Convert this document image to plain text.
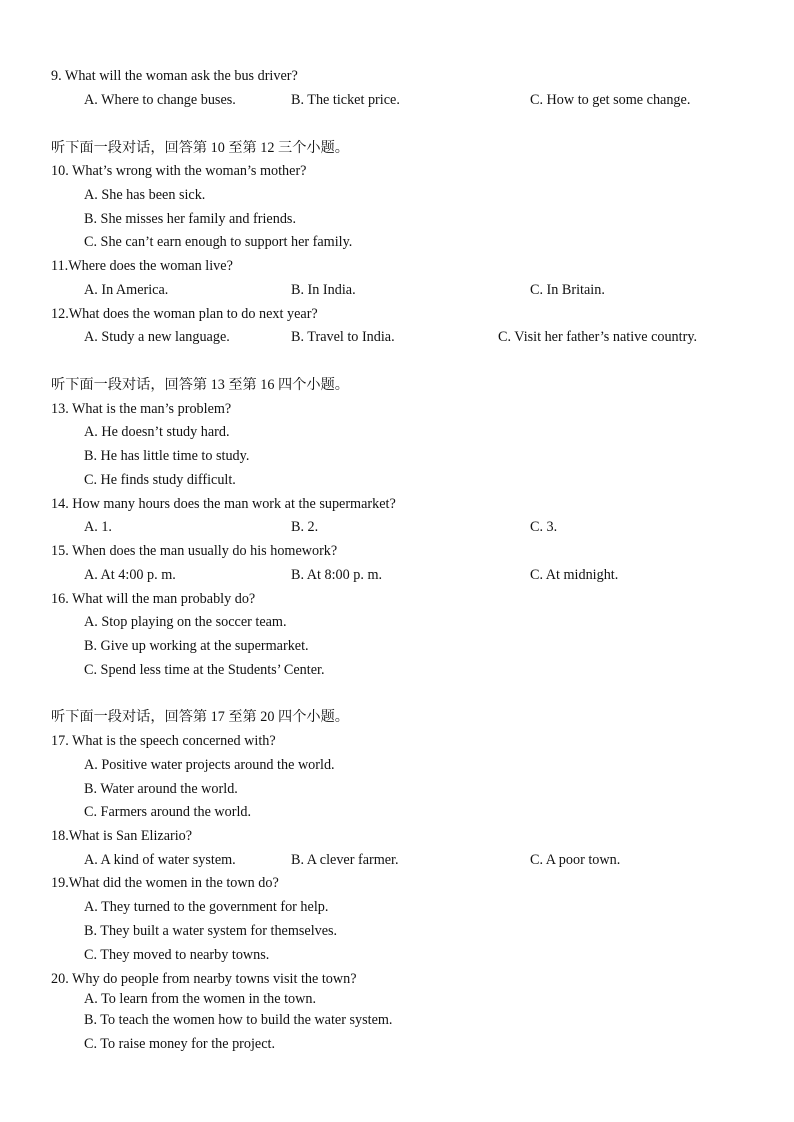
9. What will the woman ask the bus driver?
A. Where to change buses.	B. The ticket price.	C. How to get some change.
听下面一段对话，回答第 10 至第 12 三个小题。
10. What’s wrong with the woman’s mother?
A. She has been sick.
B. She misses her family and friends.
C. She can’t earn enough to support her family.
11.Where does the woman live?
A. In America.	B. In India.	C. In Britain.
12.What does the woman plan to do next year?
A. Study a new language.	B. Travel to India.	C. Visit her father’s native country.
听下面一段对话，回答第 13 至第 16 四个小题。
13. What is the man’s problem?
A. He doesn’t study hard.
B. He has little time to study.
C. He finds study difficult.
14. How many hours does the man work at the supermarket?
A. 1.	B. 2.	C. 3.
15. When does the man usually do his homework?
A. At 4:00 p. m.	B. At 8:00 p. m.	C. At midnight.
16. What will the man probably do?
A. Stop playing on the soccer team.
B. Give up working at the supermarket.
C. Spend less time at the Students’ Center.
听下面一段对话，回答第 17 至第 20 四个小题。
17. What is the speech concerned with?
A. Positive water projects around the world.
B. Water around the world.
C. Farmers around the world.
18.What is San Elizario?
A. A kind of water system.	B. A clever farmer.	C. A poor town.
19.What did the women in the town do?
A. They turned to the government for help.
B. They built a water system for themselves.
C. They moved to nearby towns.
20. Why do people from nearby towns visit the town?
A. To learn from the women in the town.
B. To teach the women how to build the water system.
C. To raise money for the project.
